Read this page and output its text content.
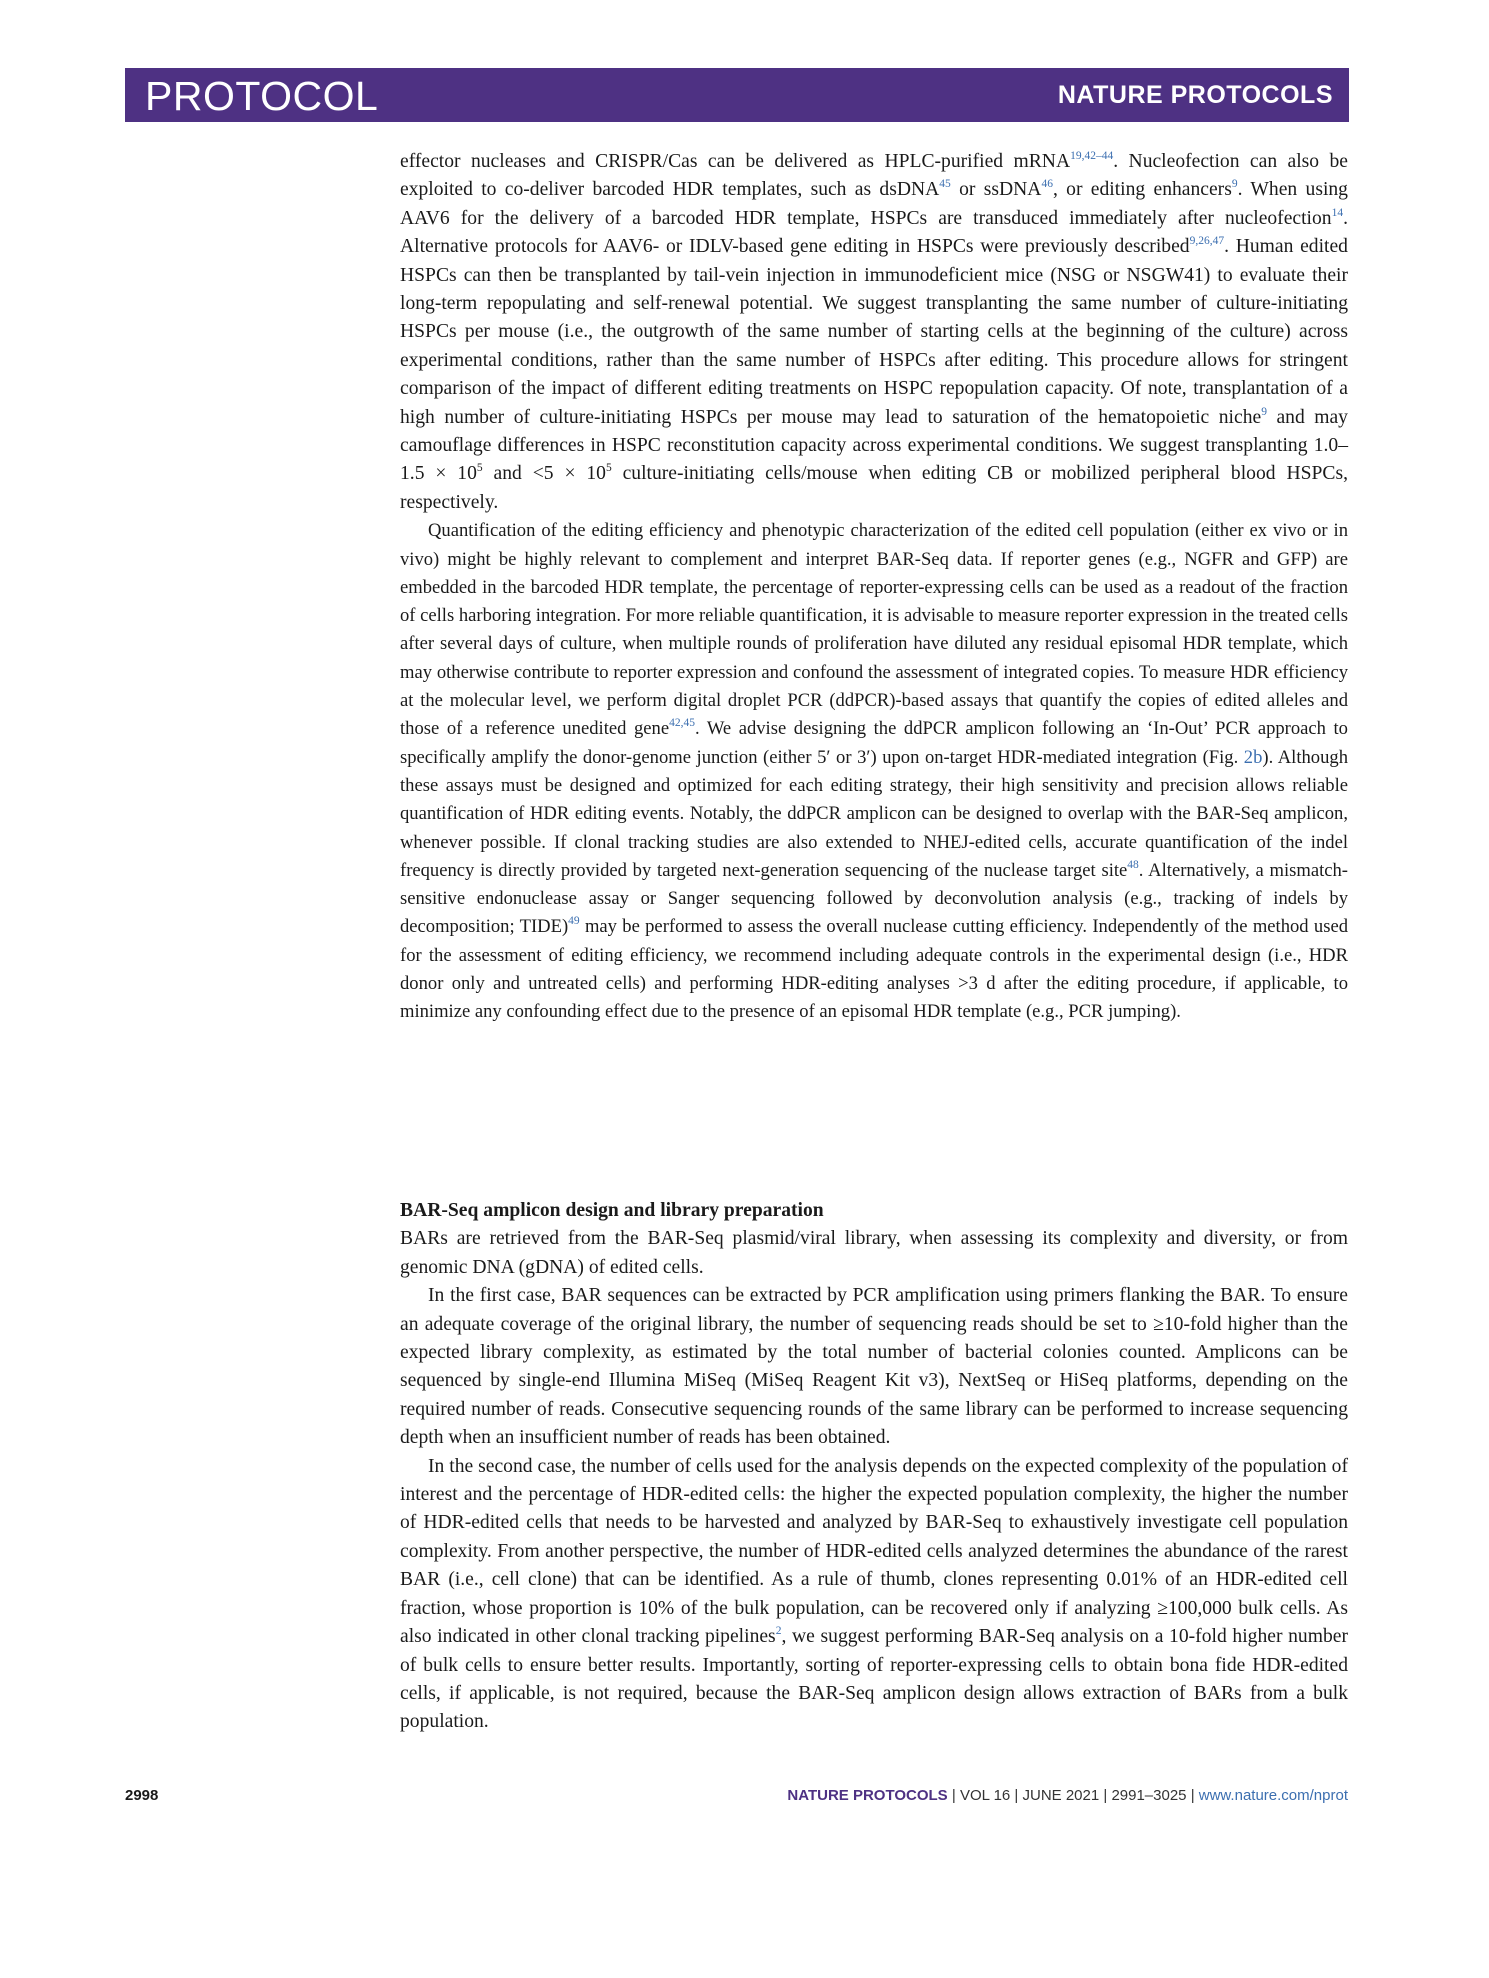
PROTOCOL	NATURE PROTOCOLS

effector nucleases and CRISPR/Cas can be delivered as HPLC-purified mRNA$^{19,42-44}$. Nucleofection can also be exploited to co-deliver barcoded HDR templates, such as dsDNA$^{45}$ or ssDNA$^{46}$, or editing enhancers$^9$. When using AAV6 for the delivery of a barcoded HDR template, HSPCs are transduced immediately after nucleofection$^{14}$. Alternative protocols for AAV6- or IDLV-based gene editing in HSPCs were previously described$^{9,26,47}$. Human edited HSPCs can then be transplanted by tail-vein injection in immunodeficient mice (NSG or NSGW41) to evaluate their long-term repopulating and self-renewal potential. We suggest transplanting the same number of culture-initiating HSPCs per mouse (i.e., the outgrowth of the same number of starting cells at the beginning of the culture) across experimental conditions, rather than the same number of HSPCs after editing. This procedure allows for stringent comparison of the impact of different editing treatments on HSPC repopulation capacity. Of note, transplantation of a high number of culture-initiating HSPCs per mouse may lead to saturation of the hematopoietic niche$^9$ and may camouflage differences in HSPC reconstitution capacity across experimental conditions. We suggest transplanting $1.0-1.5 \times 10^5$ and $<5 \times 10^5$ culture-initiating cells/mouse when editing CB or mobilized peripheral blood HSPCs, respectively.

Quantification of the editing efficiency and phenotypic characterization of the edited cell population (either ex vivo or in vivo) might be highly relevant to complement and interpret BAR-Seq data. If reporter genes (e.g., NGFR and GFP) are embedded in the barcoded HDR template, the percentage of reporter-expressing cells can be used as a readout of the fraction of cells harboring integration. For more reliable quantification, it is advisable to measure reporter expression in the treated cells after several days of culture, when multiple rounds of proliferation have diluted any residual episomal HDR template, which may otherwise contribute to reporter expression and confound the assessment of integrated copies. To measure HDR efficiency at the molecular level, we perform digital droplet PCR (ddPCR)-based assays that quantify the copies of edited alleles and those of a reference unedited gene$^{42,45}$. We advise designing the ddPCR amplicon following an ‘In-Out’ PCR approach to specifically amplify the donor-genome junction (either 5′ or 3′) upon on-target HDR-mediated integration (Fig. 2b). Although these assays must be designed and optimized for each editing strategy, their high sensitivity and precision allows reliable quantification of HDR editing events. Notably, the ddPCR amplicon can be designed to overlap with the BAR-Seq amplicon, whenever possible. If clonal tracking studies are also extended to NHEJ-edited cells, accurate quantification of the indel frequency is directly provided by targeted next-generation sequencing of the nuclease target site$^{48}$. Alternatively, a mismatch-sensitive endonuclease assay or Sanger sequencing followed by deconvolution analysis (e.g., tracking of indels by decomposition; TIDE)$^{49}$ may be performed to assess the overall nuclease cutting efficiency. Independently of the method used for the assessment of editing efficiency, we recommend including adequate controls in the experimental design (i.e., HDR donor only and untreated cells) and performing HDR-editing analyses >3 d after the editing procedure, if applicable, to minimize any confounding effect due to the presence of an episomal HDR template (e.g., PCR jumping).

BAR-Seq amplicon design and library preparation

BARs are retrieved from the BAR-Seq plasmid/viral library, when assessing its complexity and diversity, or from genomic DNA (gDNA) of edited cells.

In the first case, BAR sequences can be extracted by PCR amplification using primers flanking the BAR. To ensure an adequate coverage of the original library, the number of sequencing reads should be set to ≥10-fold higher than the expected library complexity, as estimated by the total number of bacterial colonies counted. Amplicons can be sequenced by single-end Illumina MiSeq (MiSeq Reagent Kit v3), NextSeq or HiSeq platforms, depending on the required number of reads. Consecutive sequencing rounds of the same library can be performed to increase sequencing depth when an insufficient number of reads has been obtained.

In the second case, the number of cells used for the analysis depends on the expected complexity of the population of interest and the percentage of HDR-edited cells: the higher the expected population complexity, the higher the number of HDR-edited cells that needs to be harvested and analyzed by BAR-Seq to exhaustively investigate cell population complexity. From another perspective, the number of HDR-edited cells analyzed determines the abundance of the rarest BAR (i.e., cell clone) that can be identified. As a rule of thumb, clones representing 0.01% of an HDR-edited cell fraction, whose proportion is 10% of the bulk population, can be recovered only if analyzing ≥100,000 bulk cells. As also indicated in other clonal tracking pipelines$^2$, we suggest performing BAR-Seq analysis on a 10-fold higher number of bulk cells to ensure better results. Importantly, sorting of reporter-expressing cells to obtain bona fide HDR-edited cells, if applicable, is not required, because the BAR-Seq amplicon design allows extraction of BARs from a bulk population.

2998	NATURE PROTOCOLS | VOL 16 | JUNE 2021 | 2991–3025 | www.nature.com/nprot
